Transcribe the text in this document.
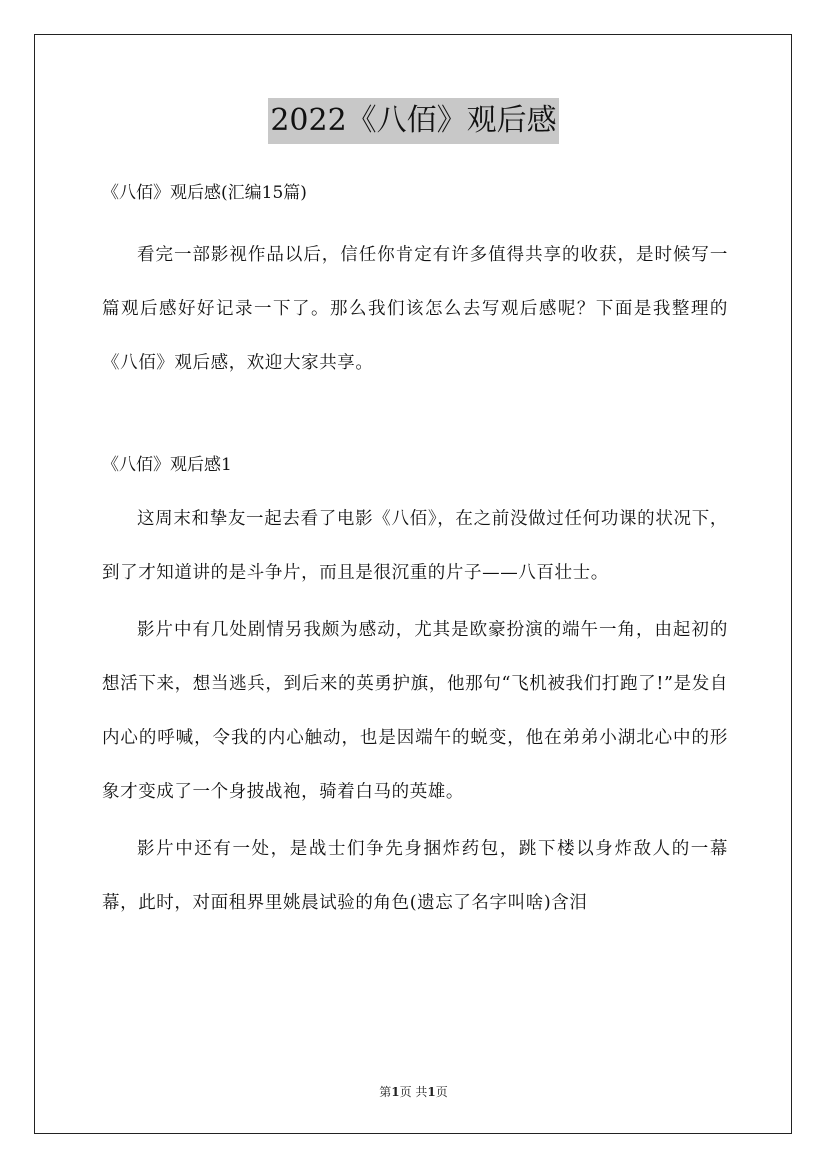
2022《八佰》观后感

《八佰》观后感(汇编15篇)

看完一部影视作品以后，信任你肯定有许多值得共享的收获，是时候写一篇观后感好好记录一下了。那么我们该怎么去写观后感呢？下面是我整理的《八佰》观后感，欢迎大家共享。

《八佰》观后感1

这周末和挚友一起去看了电影《八佰》，在之前没做过任何功课的状况下，到了才知道讲的是斗争片，而且是很沉重的片子——八百壮士。

影片中有几处剧情另我颇为感动，尤其是欧豪扮演的端午一角，由起初的想活下来，想当逃兵，到后来的英勇护旗，他那句“飞机被我们打跑了!”是发自内心的呼喊，令我的内心触动，也是因端午的蜕变，他在弟弟小湖北心中的形象才变成了一个身披战袍，骑着白马的英雄。

影片中还有一处，是战士们争先身捆炸药包，跳下楼以身炸敌人的一幕幕，此时，对面租界里姚晨试验的角色(遗忘了名字叫啥)含泪

第1页 共1页
